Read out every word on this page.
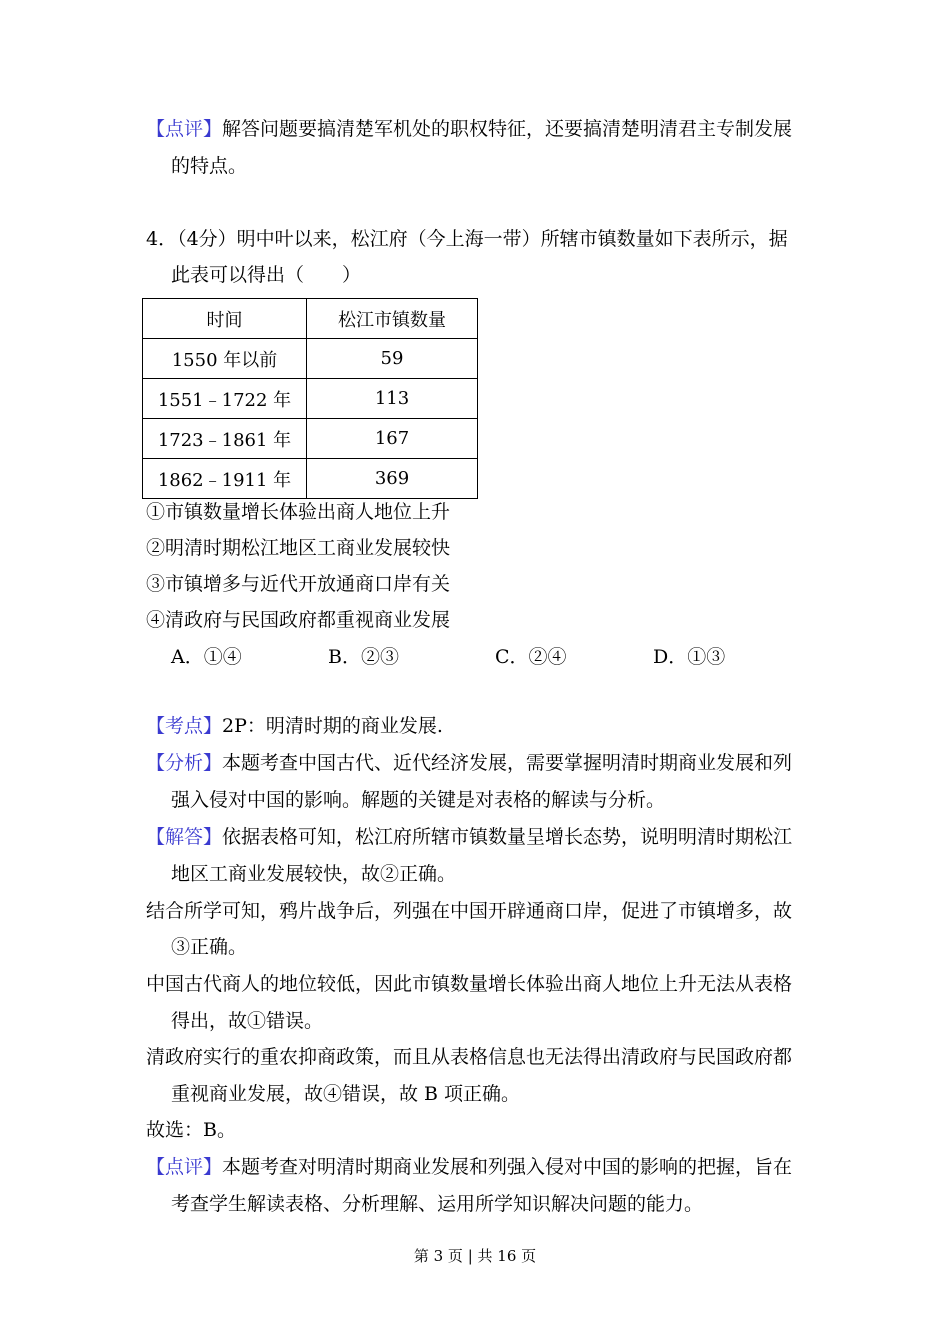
【点评】解答问题要搞清楚军机处的职权特征，还要搞清楚明清君主专制发展
的特点。
4．（4分）明中叶以来，松江府（今上海一带）所辖市镇数量如下表所示，据
此表可以得出（　　）
时间	松江市镇数量
1550 年以前	59
1551﹣1722 年	113
1723﹣1861 年	167
1862﹣1911 年	369
①市镇数量增长体验出商人地位上升
②明清时期松江地区工商业发展较快
③市镇增多与近代开放通商口岸有关
④清政府与民国政府都重视商业发展
A．①④	B．②③	C．②④	D．①③
【考点】2P：明清时期的商业发展.
【分析】本题考查中国古代、近代经济发展，需要掌握明清时期商业发展和列
强入侵对中国的影响。解题的关键是对表格的解读与分析。
【解答】依据表格可知，松江府所辖市镇数量呈增长态势，说明明清时期松江
地区工商业发展较快，故②正确。
结合所学可知，鸦片战争后，列强在中国开辟通商口岸，促进了市镇增多，故
③正确。
中国古代商人的地位较低，因此市镇数量增长体验出商人地位上升无法从表格
得出，故①错误。
清政府实行的重农抑商政策，而且从表格信息也无法得出清政府与民国政府都
重视商业发展，故④错误，故 B 项正确。
故选：B。
【点评】本题考查对明清时期商业发展和列强入侵对中国的影响的把握，旨在
考查学生解读表格、分析理解、运用所学知识解决问题的能力。
第 3 页 | 共 16 页
